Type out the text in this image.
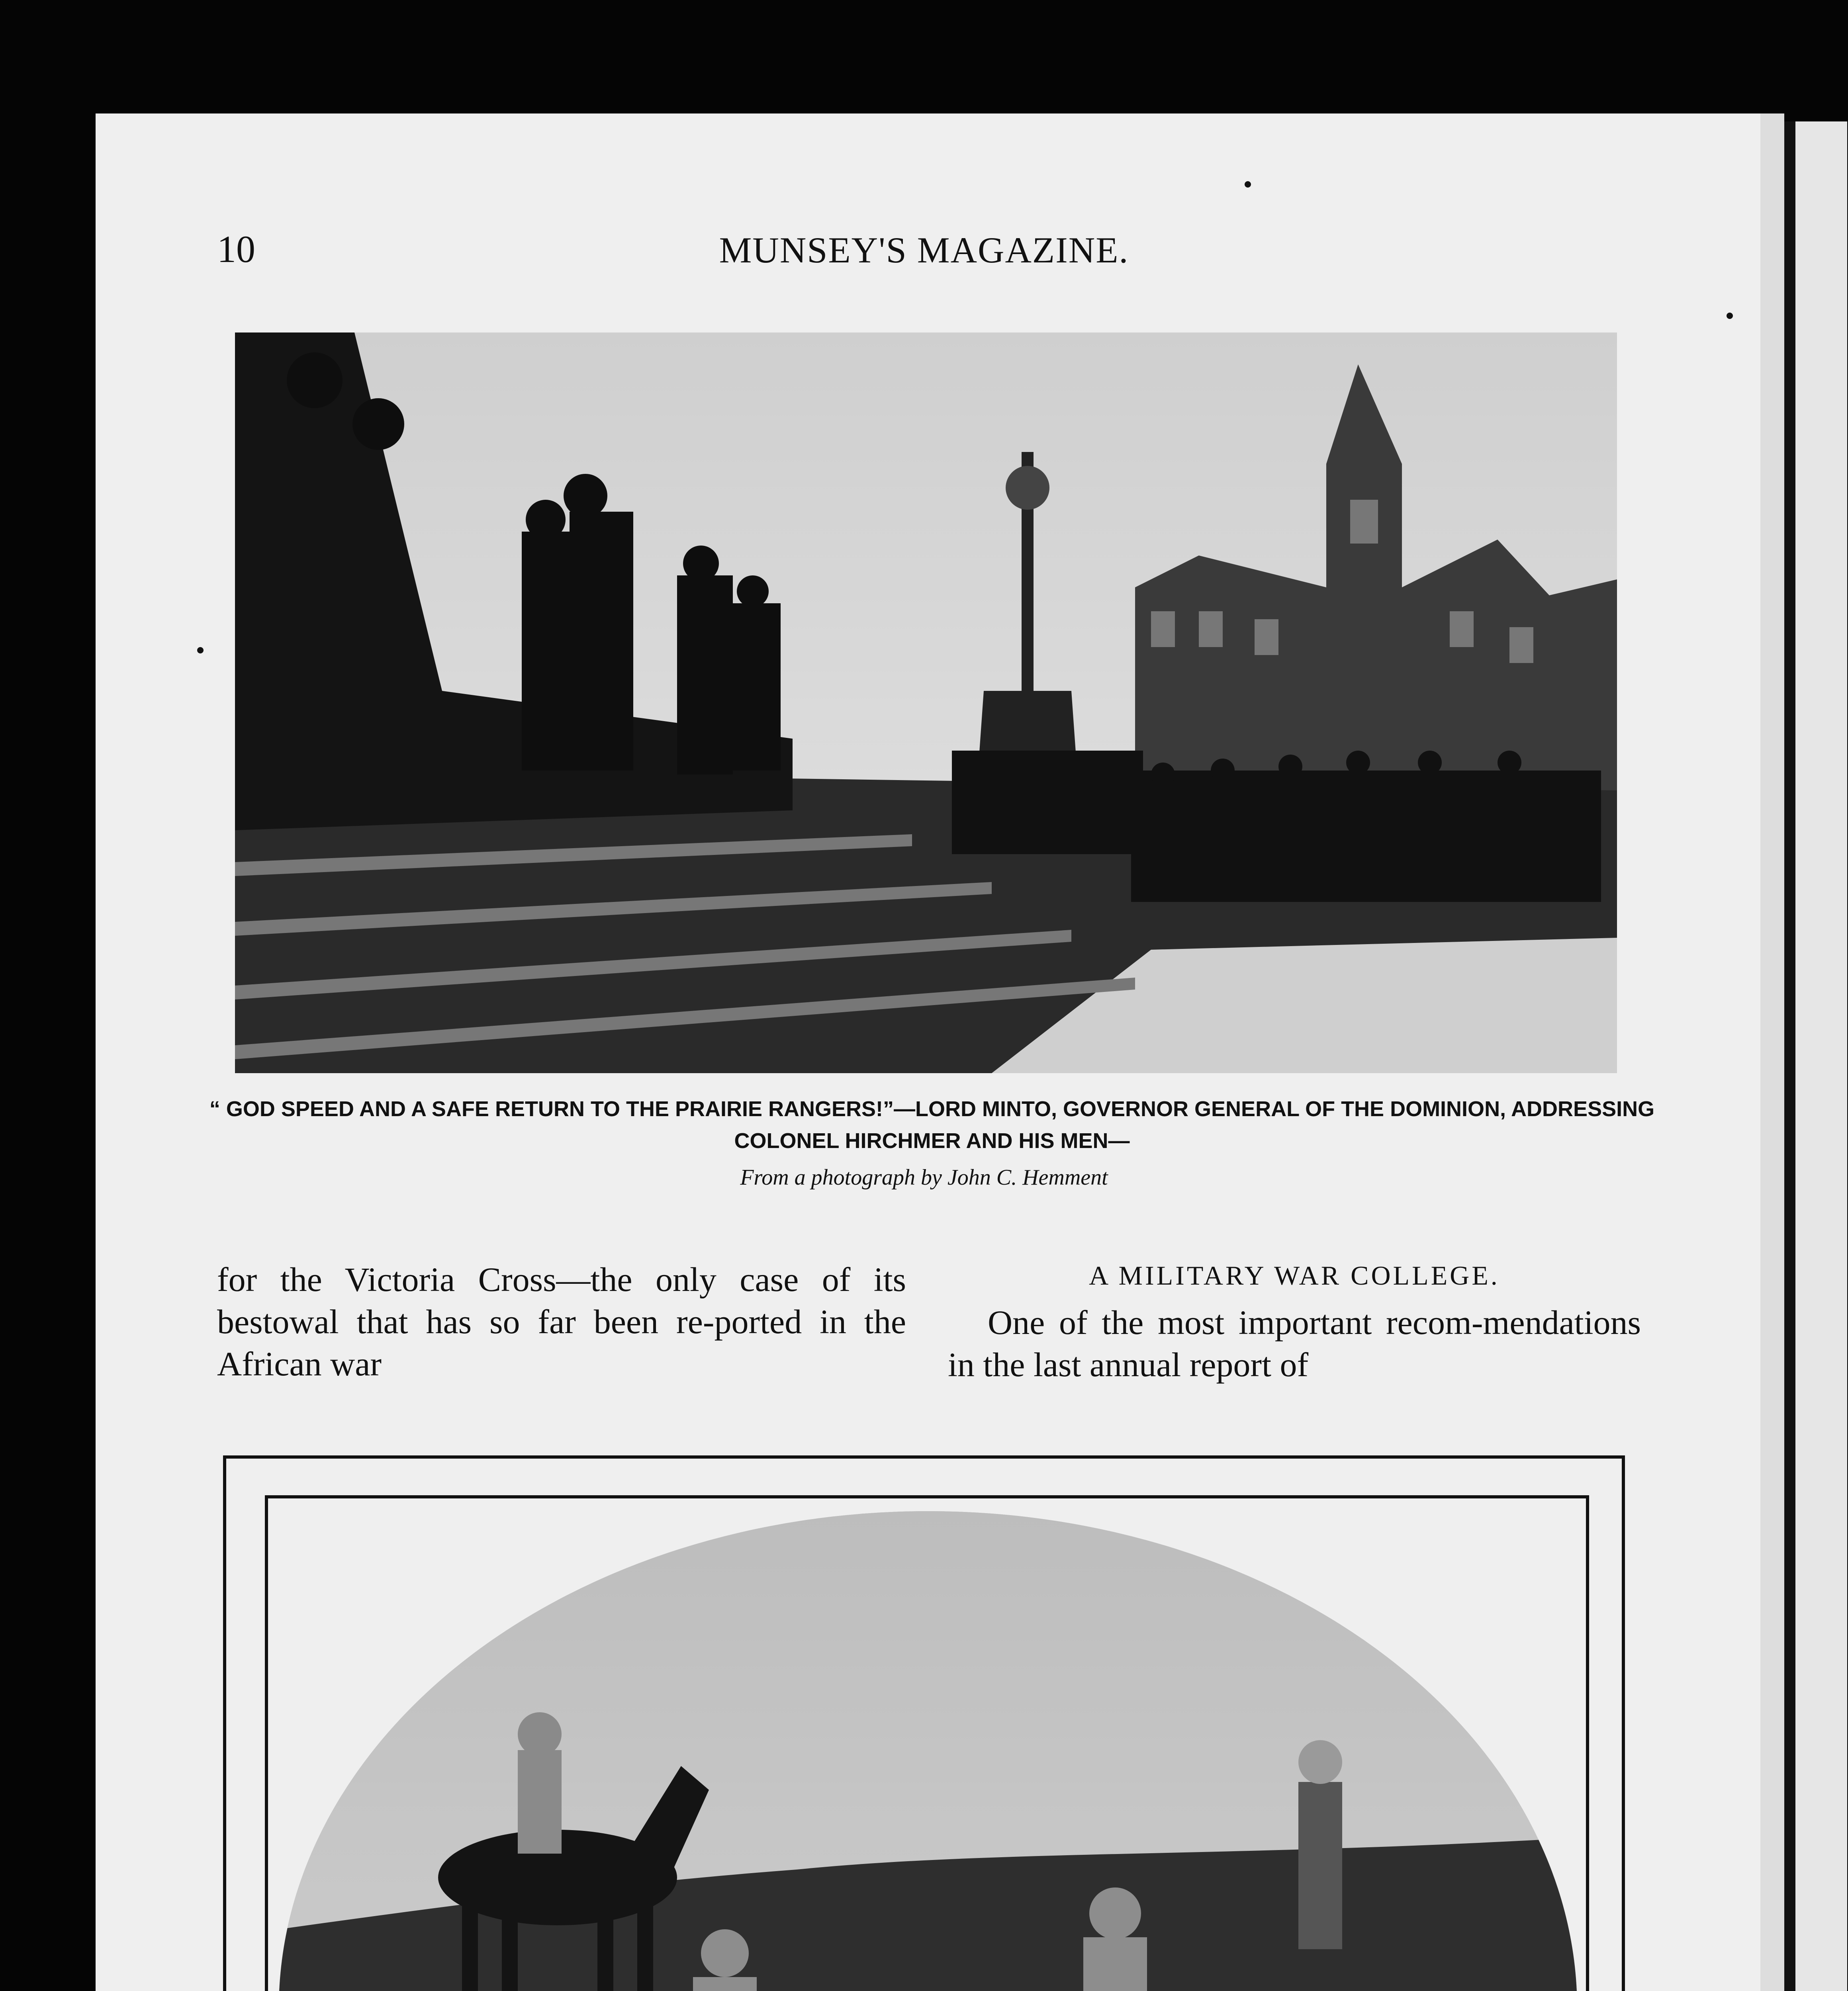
10	MUNSEY'S MAGAZINE.
“ GOD SPEED AND A SAFE RETURN TO THE PRAIRIE RANGERS!”—LORD MINTO, GOVERNOR GENERAL OF THE DOMINION, ADDRESSING COLONEL HIRCHMER AND HIS MEN—
From a photograph by John C. Hemment

for the Victoria Cross—the only case of its bestowal that has so far been re-ported in the African war

A MILITARY WAR COLLEGE.

One of the most important recom-mendations in the last annual report of
